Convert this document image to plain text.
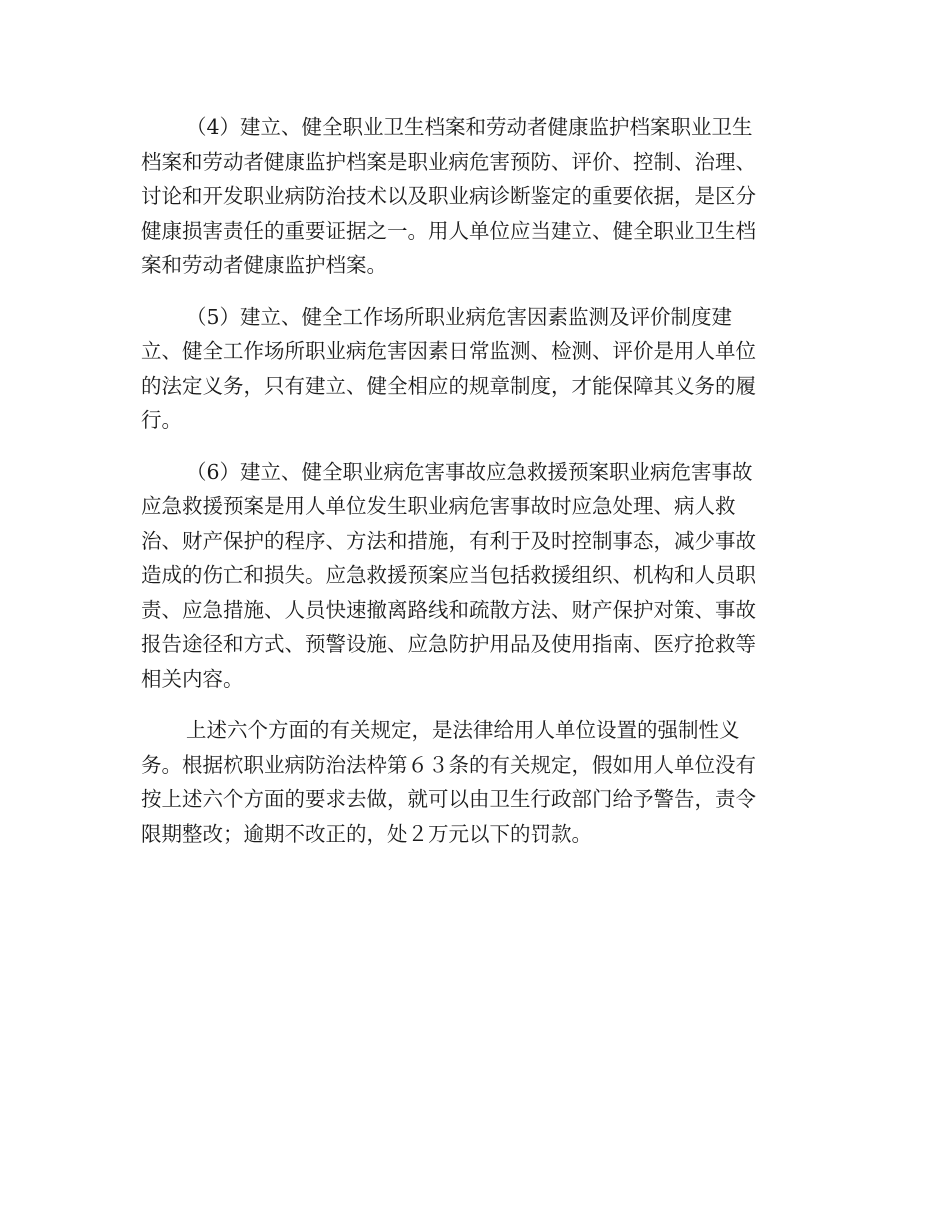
（4）建立、健全职业卫生档案和劳动者健康监护档案职业卫生
档案和劳动者健康监护档案是职业病危害预防、评价、控制、治理、
讨论和开发职业病防治技术以及职业病诊断鉴定的重要依据，是区分
健康损害责任的重要证据之一。用人单位应当建立、健全职业卫生档
案和劳动者健康监护档案。

（5）建立、健全工作场所职业病危害因素监测及评价制度建
立、健全工作场所职业病危害因素日常监测、检测、评价是用人单位
的法定义务，只有建立、健全相应的规章制度，才能保障其义务的履
行。

（6）建立、健全职业病危害事故应急救援预案职业病危害事故
应急救援预案是用人单位发生职业病危害事故时应急处理、病人救
治、财产保护的程序、方法和措施，有利于及时控制事态，减少事故
造成的伤亡和损失。应急救援预案应当包括救援组织、机构和人员职
责、应急措施、人员快速撤离路线和疏散方法、财产保护对策、事故
报告途径和方式、预警设施、应急防护用品及使用指南、医疗抢救等
相关内容。

上述六个方面的有关规定，是法律给用人单位设置的强制性义
务。根据柼职业病防治法枠第６３条的有关规定，假如用人单位没有
按上述六个方面的要求去做，就可以由卫生行政部门给予警告，责令
限期整改；逾期不改正的，处２万元以下的罚款。
